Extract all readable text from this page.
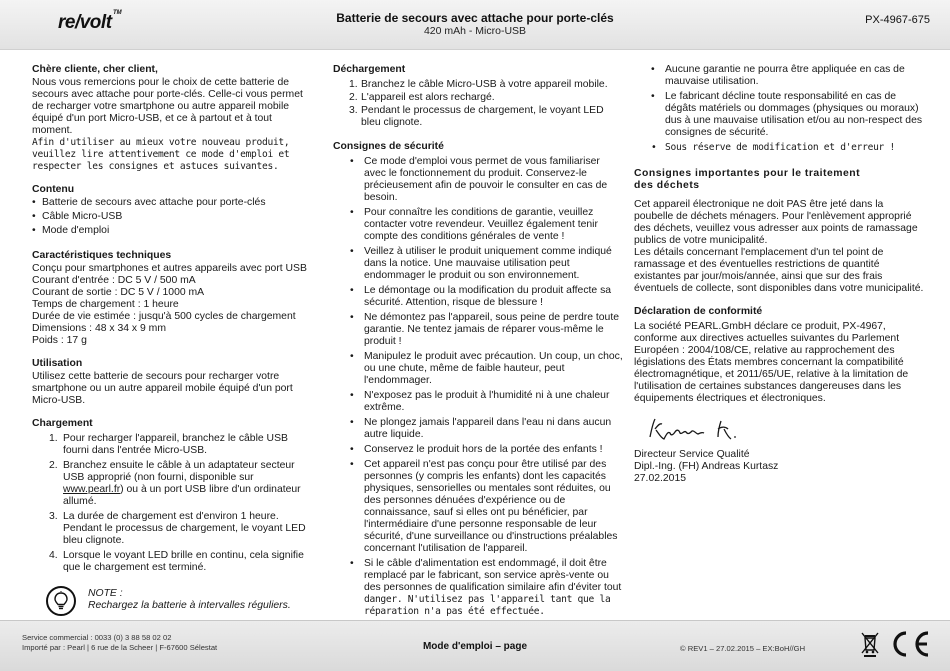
re/volt TM	Batterie de secours avec attache pour porte-clés
420 mAh - Micro-USB
PX-4967-675
Chère cliente, cher client,
Nous vous remercions pour le choix de cette batterie de secours avec attache pour porte-clés. Celle-ci vous permet de recharger votre smartphone ou autre appareil mobile équipé d'un port Micro-USB, et ce à partout et à tout moment.
Afin d'utiliser au mieux votre nouveau produit, veuillez lire attentivement ce mode d'emploi et respecter les consignes et astuces suivantes.
Contenu
• Batterie de secours avec attache pour porte-clés
• Câble Micro-USB
• Mode d'emploi
Caractéristiques techniques
Conçu pour smartphones et autres appareils avec port USB
Courant d'entrée : DC 5 V / 500 mA
Courant de sortie : DC 5 V / 1000 mA
Temps de chargement : 1 heure
Durée de vie estimée : jusqu'à 500 cycles de chargement
Dimensions : 48 x 34 x 9 mm
Poids : 17 g
Utilisation
Utilisez cette batterie de secours pour recharger votre smartphone ou un autre appareil mobile équipé d'un port Micro-USB.
Chargement
1. Pour recharger l'appareil, branchez le câble USB fourni dans l'entrée Micro-USB.
2. Branchez ensuite le câble à un adaptateur secteur USB approprié (non fourni, disponible sur www.pearl.fr) ou à un port USB libre d'un ordinateur allumé.
3. La durée de chargement est d'environ 1 heure. Pendant le processus de chargement, le voyant LED bleu clignote.
4. Lorsque le voyant LED brille en continu, cela signifie que le chargement est terminé.
NOTE :
Rechargez la batterie à intervalles réguliers.
Déchargement
1. Branchez le câble Micro-USB à votre appareil mobile.
2. L'appareil est alors rechargé.
3. Pendant le processus de chargement, le voyant LED bleu clignote.
Consignes de sécurité
• Ce mode d'emploi vous permet de vous familiariser avec le fonctionnement du produit. Conservez-le précieusement afin de pouvoir le consulter en cas de besoin.
• Pour connaître les conditions de garantie, veuillez contacter votre revendeur. Veuillez également tenir compte des conditions générales de vente !
• Veillez à utiliser le produit uniquement comme indiqué dans la notice. Une mauvaise utilisation peut endommager le produit ou son environnement.
• Le démontage ou la modification du produit affecte sa sécurité. Attention, risque de blessure !
• Ne démontez pas l'appareil, sous peine de perdre toute garantie. Ne tentez jamais de réparer vous-même le produit !
• Manipulez le produit avec précaution. Un coup, un choc, ou une chute, même de faible hauteur, peut l'endommager.
• N'exposez pas le produit à l'humidité ni à une chaleur extrême.
• Ne plongez jamais l'appareil dans l'eau ni dans aucun autre liquide.
• Conservez le produit hors de la portée des enfants !
• Cet appareil n'est pas conçu pour être utilisé par des personnes (y compris les enfants) dont les capacités physiques, sensorielles ou mentales sont réduites, ou des personnes dénuées d'expérience ou de connaissance, sauf si elles ont pu bénéficier, par l'intermédiaire d'une personne responsable de leur sécurité, d'une surveillance ou d'instructions préalables concernant l'utilisation de l'appareil.
• Si le câble d'alimentation est endommagé, il doit être remplacé par le fabricant, son service après-vente ou des personnes de qualification similaire afin d'éviter tout danger. N'utilisez pas l'appareil tant que la réparation n'a pas été effectuée.
• Aucune garantie ne pourra être appliquée en cas de mauvaise utilisation.
• Le fabricant décline toute responsabilité en cas de dégâts matériels ou dommages (physiques ou moraux) dus à une mauvaise utilisation et/ou au non-respect des consignes de sécurité.
• Sous réserve de modification et d'erreur !
Consignes importantes pour le traitement
des déchets
Cet appareil électronique ne doit PAS être jeté dans la poubelle de déchets ménagers. Pour l'enlèvement approprié des déchets, veuillez vous adresser aux points de ramassage publics de votre municipalité.
Les détails concernant l'emplacement d'un tel point de ramassage et des éventuelles restrictions de quantité existantes par jour/mois/année, ainsi que sur des frais éventuels de collecte, sont disponibles dans votre municipalité.
Déclaration de conformité
La société PEARL.GmbH déclare ce produit, PX-4967, conforme aux directives actuelles suivantes du Parlement Européen : 2004/108/CE, relative au rapprochement des législations des États membres concernant la compatibilité électromagnétique, et 2011/65/UE, relative à la limitation de l'utilisation de certaines substances dangereuses dans les équipements électriques et électroniques.
Directeur Service Qualité
Dipl.-Ing. (FH) Andreas Kurtasz
27.02.2015
Service commercial : 0033 (0) 3 88 58 02 02
Importé par : Pearl | 6 rue de la Scheer | F-67600 Sélestat	Mode d'emploi – page	© REV1 – 27.02.2015 – EX:BoH//GH
